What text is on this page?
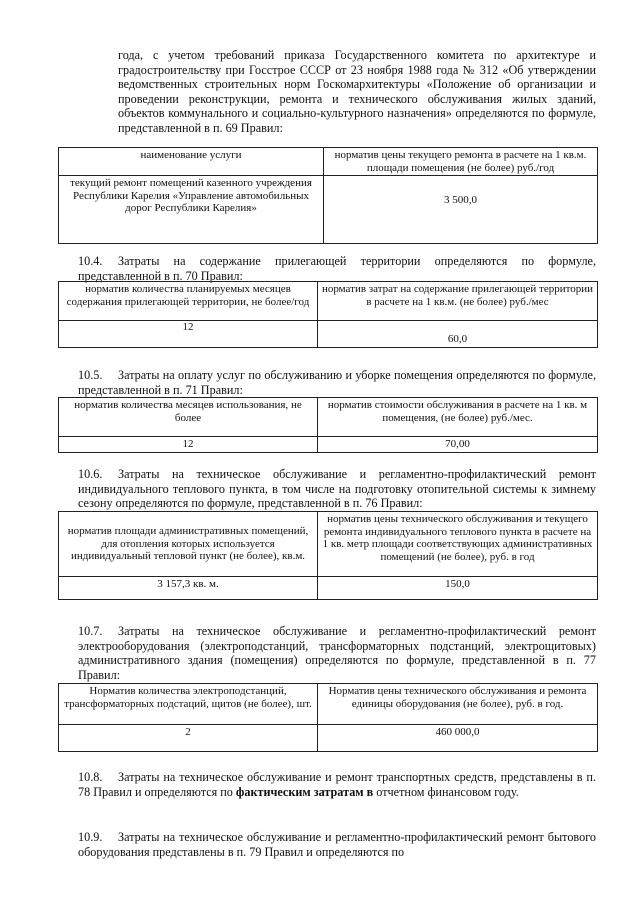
года, с учетом требований приказа Государственного комитета по архитектуре и градостроительству при Госстрое СССР от 23 ноября 1988 года № 312 «Об утверждении ведомственных строительных норм Госкомархитектуры «Положение об организации и проведении реконструкции, ремонта и технического обслуживания жилых зданий, объектов коммунального и социально-культурного назначения» определяются по формуле, представленной в п. 69 Правил:
наименование услуги	норматив цены текущего ремонта в расчете на 1 кв.м. площади помещения (не более) руб./год
текущий ремонт помещений казенного учреждения Республики Карелия «Управление автомобильных дорог Республики Карелия»	3 500,0
10.4. Затраты на содержание прилегающей территории определяются по формуле, представленной в п. 70 Правил:
норматив количества планируемых месяцев содержания прилегающей территории, не более/год	норматив затрат на содержание прилегающей территории в расчете на 1 кв.м. (не более) руб./мес
12	60,0
10.5. Затраты на оплату услуг по обслуживанию и уборке помещения определяются по формуле, представленной в п. 71 Правил:
норматив количества месяцев использования, не более	норматив стоимости обслуживания в расчете на 1 кв. м помещения, (не более) руб./мес.
12	70,00
10.6. Затраты на техническое обслуживание и регламентно-профилактический ремонт индивидуального теплового пункта, в том числе на подготовку отопительной системы к зимнему сезону определяются по формуле, представленной в п. 76 Правил:
норматив площади административных помещений, для отопления которых используется индивидуальный тепловой пункт (не более), кв.м.	норматив цены технического обслуживания и текущего ремонта индивидуального теплового пункта в расчете на 1 кв. метр площади соответствующих административных помещений (не более), руб. в год
3 157,3 кв. м.	150,0
10.7. Затраты на техническое обслуживание и регламентно-профилактический ремонт электрооборудования (электроподстанций, трансформаторных подстанций, электрощитовых) административного здания (помещения) определяются по формуле, представленной в п. 77 Правил:
Норматив количества электроподстанций, трансформаторных подстаций, щитов (не более), шт.	Норматив цены технического обслуживания и ремонта единицы оборудования (не более), руб. в год.
2	460 000,0
10.8. Затраты на техническое обслуживание и ремонт транспортных средств, представлены в п. 78 Правил и определяются по фактическим затратам в отчетном финансовом году.
10.9. Затраты на техническое обслуживание и регламентно-профилактический ремонт бытового оборудования представлены в п. 79 Правил и определяются по
